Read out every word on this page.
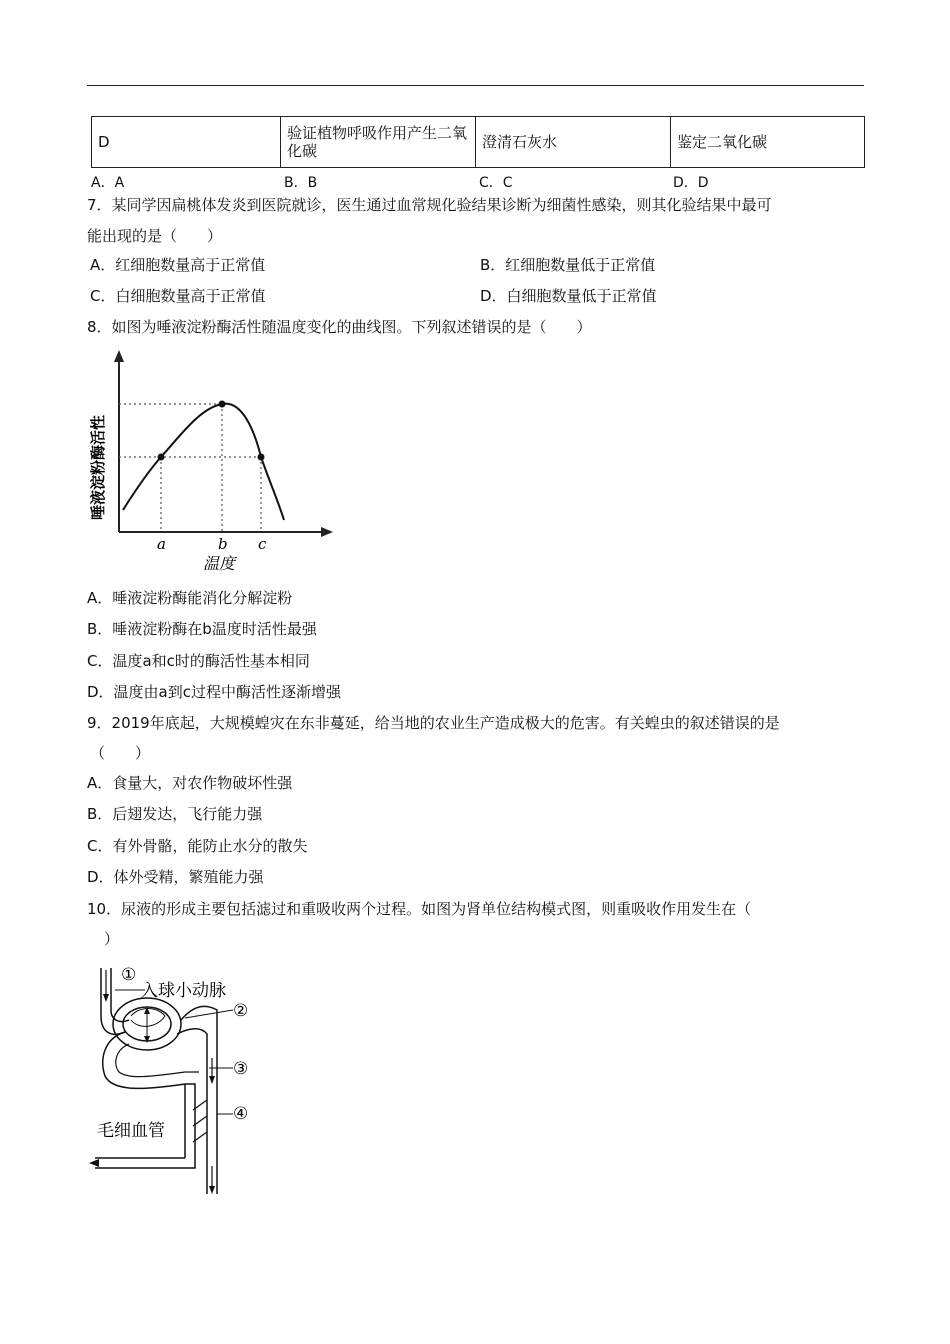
D	验证植物呼吸作用产生二氧化碳	澄清石灰水	鉴定二氧化碳
A．A	B．B	C．C	D．D
7．某同学因扁桃体发炎到医院就诊，医生通过血常规化验结果诊断为细菌性感染，则其化验结果中最可
能出现的是（　　）
A．红细胞数量高于正常值	B．红细胞数量低于正常值
C．白细胞数量高于正常值	D．白细胞数量低于正常值
8．如图为唾液淀粉酶活性随温度变化的曲线图。下列叙述错误的是（　　）
a	b c
温度
唾液淀粉酶活性
A．唾液淀粉酶能消化分解淀粉
B．唾液淀粉酶在b温度时活性最强
C．温度a和c时的酶活性基本相同
D．温度由a到c过程中酶活性逐渐增强
9．2019年底起，大规模蝗灾在东非蔓延，给当地的农业生产造成极大的危害。有关蝗虫的叙述错误的是
（　　）
A．食量大，对农作物破坏性强
B．后翅发达，飞行能力强
C．有外骨骼，能防止水分的散失
D．体外受精，繁殖能力强
10．尿液的形成主要包括滤过和重吸收两个过程。如图为肾单位结构模式图，则重吸收作用发生在（
）
①
②
③
④
入球小动脉
毛细血管
